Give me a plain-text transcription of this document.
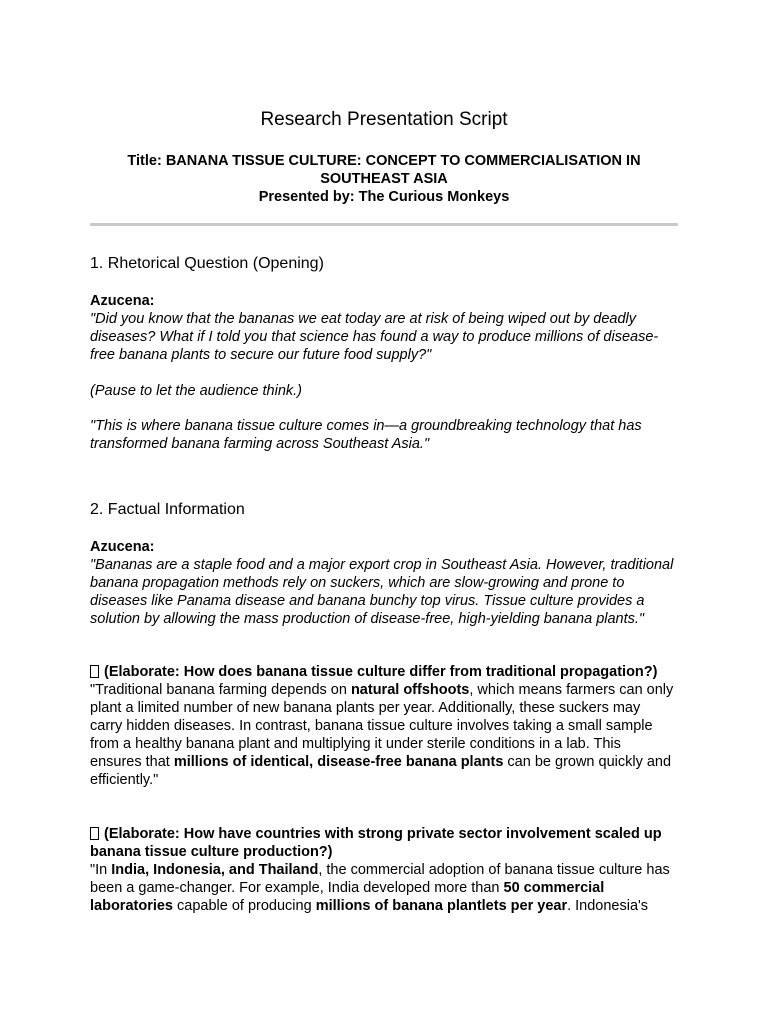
Research Presentation Script
Title: BANANA TISSUE CULTURE: CONCEPT TO COMMERCIALISATION IN
SOUTHEAST ASIA
Presented by: The Curious Monkeys
1. Rhetorical Question (Opening)
Azucena:
"Did you know that the bananas we eat today are at risk of being wiped out by deadly diseases? What if I told you that science has found a way to produce millions of disease-free banana plants to secure our future food supply?"
(Pause to let the audience think.)
"This is where banana tissue culture comes in—a groundbreaking technology that has transformed banana farming across Southeast Asia."
2. Factual Information
Azucena:
"Bananas are a staple food and a major export crop in Southeast Asia. However, traditional banana propagation methods rely on suckers, which are slow-growing and prone to diseases like Panama disease and banana bunchy top virus. Tissue culture provides a solution by allowing the mass production of disease-free, high-yielding banana plants."
(Elaborate: How does banana tissue culture differ from traditional propagation?)
"Traditional banana farming depends on natural offshoots, which means farmers can only plant a limited number of new banana plants per year. Additionally, these suckers may carry hidden diseases. In contrast, banana tissue culture involves taking a small sample from a healthy banana plant and multiplying it under sterile conditions in a lab. This ensures that millions of identical, disease-free banana plants can be grown quickly and efficiently."
(Elaborate: How have countries with strong private sector involvement scaled up banana tissue culture production?)
"In India, Indonesia, and Thailand, the commercial adoption of banana tissue culture has been a game-changer. For example, India developed more than 50 commercial laboratories capable of producing millions of banana plantlets per year. Indonesia's
